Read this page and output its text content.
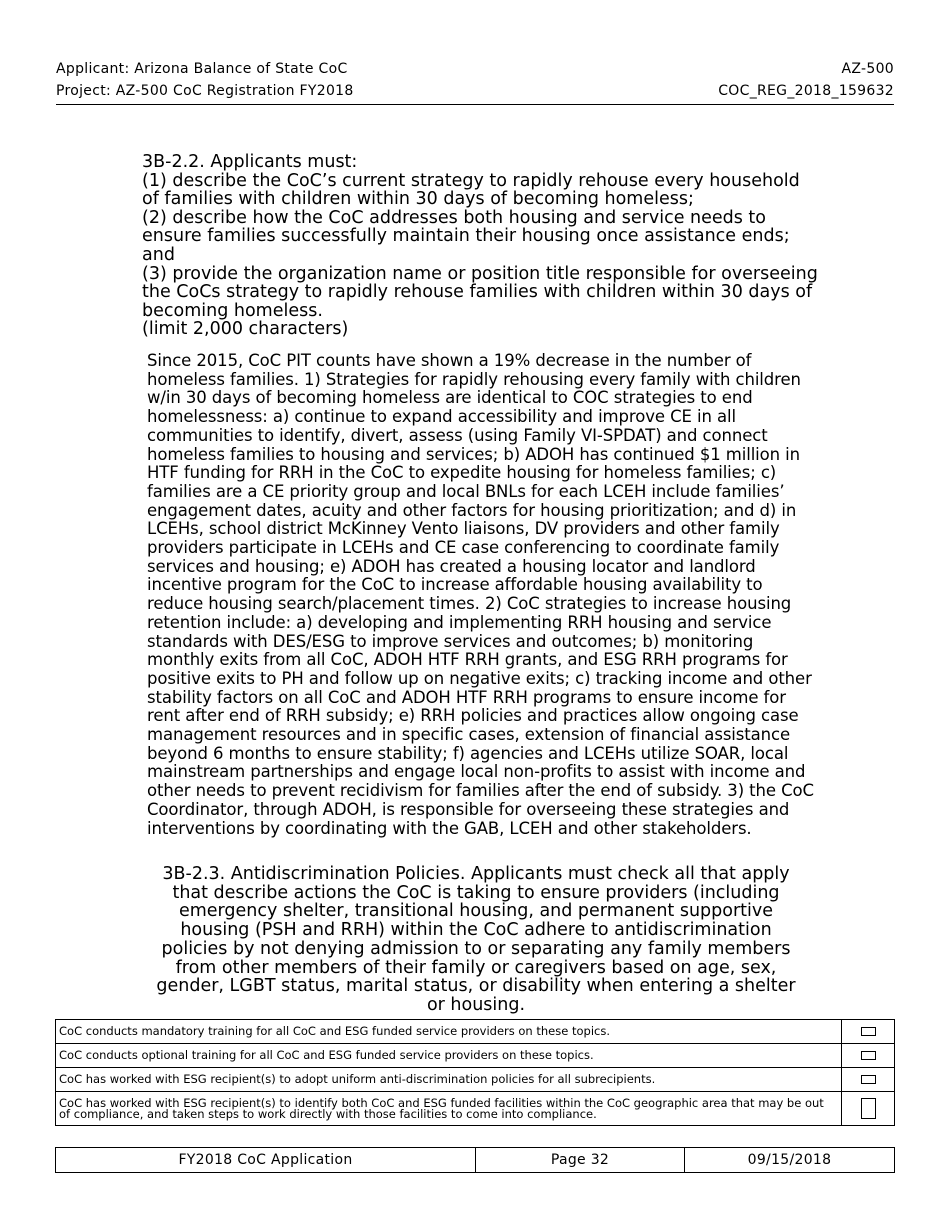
Applicant: Arizona Balance of State CoC	AZ-500
Project: AZ-500 CoC Registration FY2018	COC_REG_2018_159632
3B-2.2. Applicants must:
(1) describe the CoC’s current strategy to rapidly rehouse every household of families with children within 30 days of becoming homeless;
(2) describe how the CoC addresses both housing and service needs to ensure families successfully maintain their housing once assistance ends; and
(3) provide the organization name or position title responsible for overseeing the CoCs strategy to rapidly rehouse families with children within 30 days of becoming homeless.
(limit 2,000 characters)
Since 2015, CoC PIT counts have shown a 19% decrease in the number of homeless families. 1) Strategies for rapidly rehousing every family with children w/in 30 days of becoming homeless are identical to COC strategies to end homelessness: a) continue to expand accessibility and improve CE in all communities to identify, divert, assess (using Family VI-SPDAT) and connect homeless families to housing and services; b) ADOH has continued $1 million in HTF funding for RRH in the CoC to expedite housing for homeless families; c) families are a CE priority group and local BNLs for each LCEH include families’ engagement dates, acuity and other factors for housing prioritization; and d) in LCEHs, school district McKinney Vento liaisons, DV providers and other family providers participate in LCEHs and CE case conferencing to coordinate family services and housing; e) ADOH has created a housing locator and landlord incentive program for the CoC to increase affordable housing availability to reduce housing search/placement times. 2) CoC strategies to increase housing retention include: a) developing and implementing RRH housing and service standards with DES/ESG to improve services and outcomes; b) monitoring monthly exits from all CoC, ADOH HTF RRH grants, and ESG RRH programs for positive exits to PH and follow up on negative exits; c) tracking income and other stability factors on all CoC and ADOH HTF RRH programs to ensure income for rent after end of RRH subsidy; e) RRH policies and practices allow ongoing case management resources and in specific cases, extension of financial assistance beyond 6 months to ensure stability; f) agencies and LCEHs utilize SOAR, local mainstream partnerships and engage local non-profits to assist with income and other needs to prevent recidivism for families after the end of subsidy. 3) the CoC Coordinator, through ADOH, is responsible for overseeing these strategies and interventions by coordinating with the GAB, LCEH and other stakeholders.
3B-2.3. Antidiscrimination Policies. Applicants must check all that apply that describe actions the CoC is taking to ensure providers (including emergency shelter, transitional housing, and permanent supportive housing (PSH and RRH) within the CoC adhere to antidiscrimination policies by not denying admission to or separating any family members from other members of their family or caregivers based on age, sex, gender, LGBT status, marital status, or disability when entering a shelter or housing.
CoC conducts mandatory training for all CoC and ESG funded service providers on these topics.	
CoC conducts optional training for all CoC and ESG funded service providers on these topics.	
CoC has worked with ESG recipient(s) to adopt uniform anti-discrimination policies for all subrecipients.	
CoC has worked with ESG recipient(s) to identify both CoC and ESG funded facilities within the CoC geographic area that may be out of compliance, and taken steps to work directly with those facilities to come into compliance.	
FY2018 CoC Application	Page 32	09/15/2018
